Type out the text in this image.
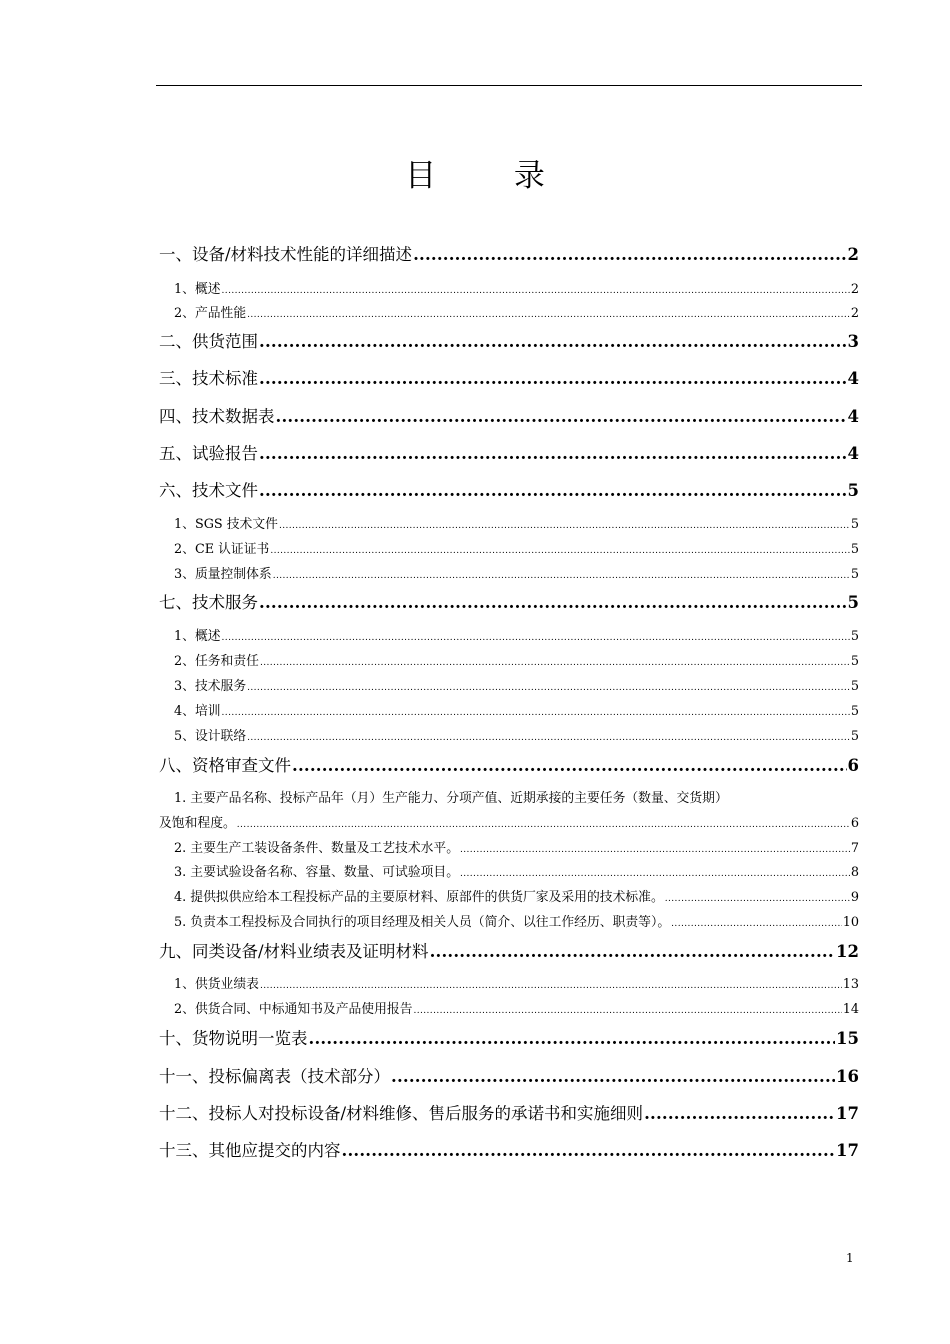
目 录
一、设备/材料技术性能的详细描述 .....	2
1、概述 .....	2
2、产品性能 .....	2
二、供货范围 .....	3
三、技术标准 .....	4
四、技术数据表 .....	4
五、试验报告 .....	4
六、技术文件 .....	5
1、SGS 技术文件 .....	5
2、CE 认证证书 .....	5
3、质量控制体系 .....	5
七、技术服务 .....	5
1、概述 .....	5
2、任务和责任 .....	5
3、技术服务 .....	5
4、培训 .....	5
5、设计联络 .....	5
八、资格审查文件 .....	6
1. 主要产品名称、投标产品年（月）生产能力、分项产值、近期承接的主要任务（数量、交货期）
及饱和程度。 .....	6
2. 主要生产工装设备条件、数量及工艺技术水平。 .....	7
3. 主要试验设备名称、容量、数量、可试验项目。 .....	8
4. 提供拟供应给本工程投标产品的主要原材料、原部件的供货厂家及采用的技术标准。 .....	9
5. 负责本工程投标及合同执行的项目经理及相关人员（简介、以往工作经历、职责等）。 .....	10
九、同类设备/材料业绩表及证明材料 .....	12
1、供货业绩表 .....	13
2、供货合同、中标通知书及产品使用报告 .....	14
十、货物说明一览表 .....	15
十一、投标偏离表（技术部分） .....	16
十二、投标人对投标设备/材料维修、售后服务的承诺书和实施细则 .....	17
十三、其他应提交的内容 .....	17
1
